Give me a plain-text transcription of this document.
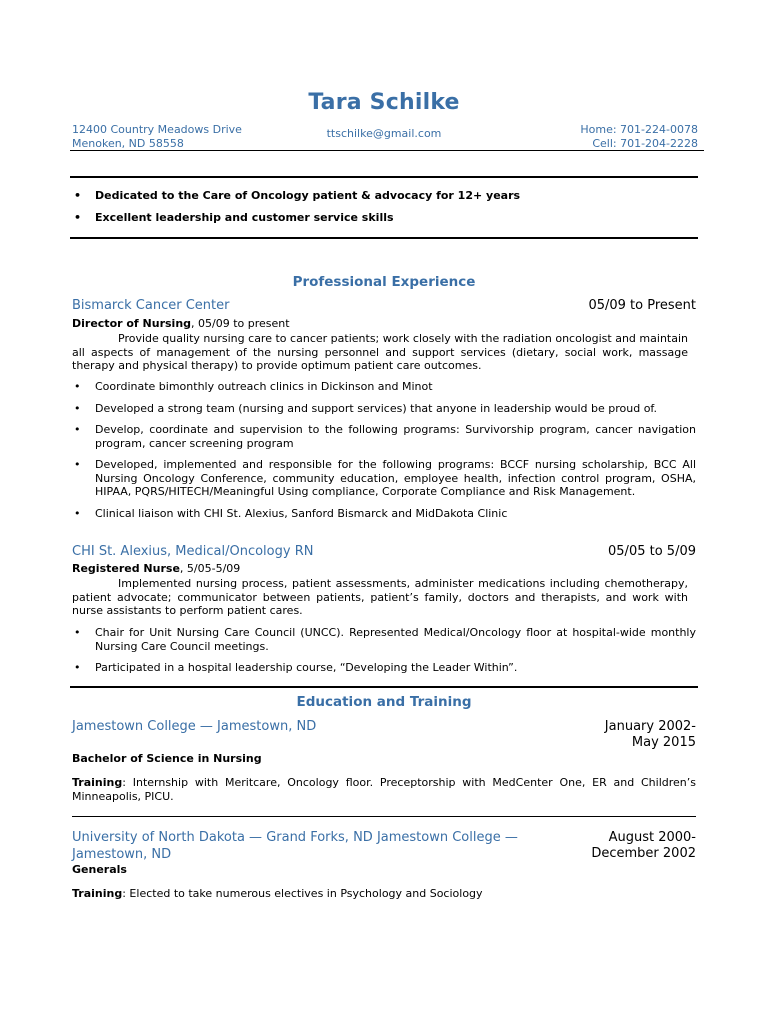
Tara Schilke
12400 Country Meadows Drive
Menoken, ND 58558
ttschilke@gmail.com	Home: 701-224-0078
Cell: 701-204-2228
• Dedicated to the Care of Oncology patient & advocacy for 12+ years
• Excellent leadership and customer service skills
Professional Experience
Bismarck Cancer Center	05/09 to Present
Director of Nursing, 05/09 to present
Provide quality nursing care to cancer patients; work closely with the radiation oncologist and maintain all aspects of management of the nursing personnel and support services (dietary, social work, massage therapy and physical therapy) to provide optimum patient care outcomes.
• Coordinate bimonthly outreach clinics in Dickinson and Minot
• Developed a strong team (nursing and support services) that anyone in leadership would be proud of.
• Develop, coordinate and supervision to the following programs: Survivorship program, cancer navigation program, cancer screening program
• Developed, implemented and responsible for the following programs: BCCF nursing scholarship, BCC All Nursing Oncology Conference, community education, employee health, infection control program, OSHA, HIPAA, PQRS/HITECH/Meaningful Using compliance, Corporate Compliance and Risk Management.
• Clinical liaison with CHI St. Alexius, Sanford Bismarck and MidDakota Clinic
CHI St. Alexius, Medical/Oncology RN	05/05 to 5/09
Registered Nurse, 5/05-5/09
Implemented nursing process, patient assessments, administer medications including chemotherapy, patient advocate; communicator between patients, patient’s family, doctors and therapists, and work with nurse assistants to perform patient cares.
• Chair for Unit Nursing Care Council (UNCC). Represented Medical/Oncology floor at hospital-wide monthly Nursing Care Council meetings.
• Participated in a hospital leadership course, “Developing the Leader Within”.
Education and Training
Jamestown College — Jamestown, ND	January 2002-
May 2015
Bachelor of Science in Nursing
Training: Internship with Meritcare, Oncology floor. Preceptorship with MedCenter One, ER and Children’s Minneapolis, PICU.
University of North Dakota — Grand Forks, ND Jamestown College —
Jamestown, ND
August 2000-
December 2002
Generals
Training: Elected to take numerous electives in Psychology and Sociology
